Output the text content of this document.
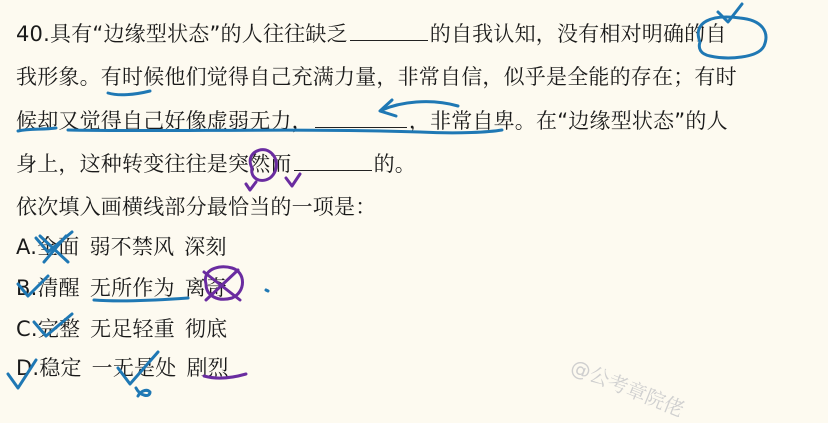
40.具有“边缘型状态”的人往往缺乏	的自我认知，没有相对明确的自
我形象。有时候他们觉得自己充满力量，非常自信，似乎是全能的存在；有时
候却又觉得自己好像虚弱无力，	，非常自卑。在“边缘型状态”的人
身上，这种转变往往是突然而	的。
依次填入画横线部分最恰当的一项是：
A.全面 弱不禁风 深刻
B.清醒 无所作为 离奇
C.完整 无足轻重 彻底
D.稳定 一无是处 剧烈	@公考章院佬
